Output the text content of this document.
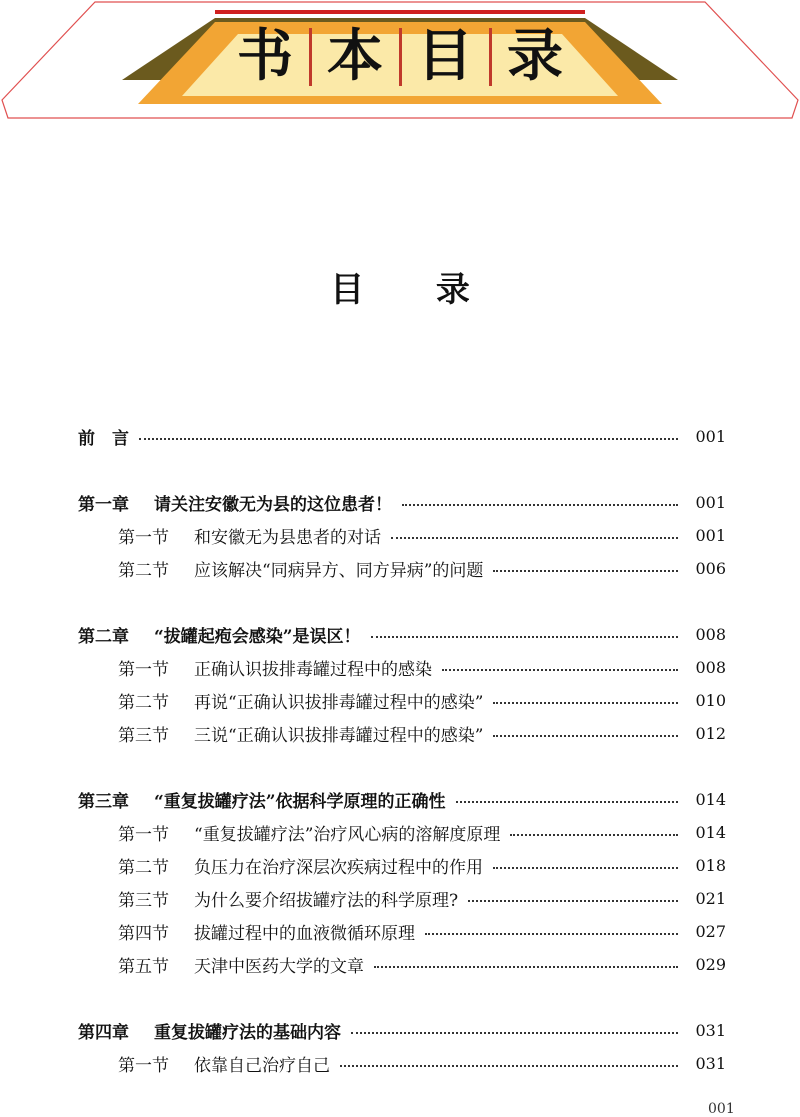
书 本 目 录
目 录
前　言	001
第一章 请关注安徽无为县的这位患者！	001
第一节 和安徽无为县患者的对话	001
第二节 应该解决“同病异方、同方异病”的问题	006
第二章 “拔罐起疱会感染”是误区！	008
第一节 正确认识拔排毒罐过程中的感染	008
第二节 再说“正确认识拔排毒罐过程中的感染”	010
第三节 三说“正确认识拔排毒罐过程中的感染”	012
第三章 “重复拔罐疗法”依据科学原理的正确性	014
第一节 “重复拔罐疗法”治疗风心病的溶解度原理	014
第二节 负压力在治疗深层次疾病过程中的作用	018
第三节 为什么要介绍拔罐疗法的科学原理?	021
第四节 拔罐过程中的血液微循环原理	027
第五节 天津中医药大学的文章	029
第四章 重复拔罐疗法的基础内容	031
第一节 依靠自己治疗自己	031
001
